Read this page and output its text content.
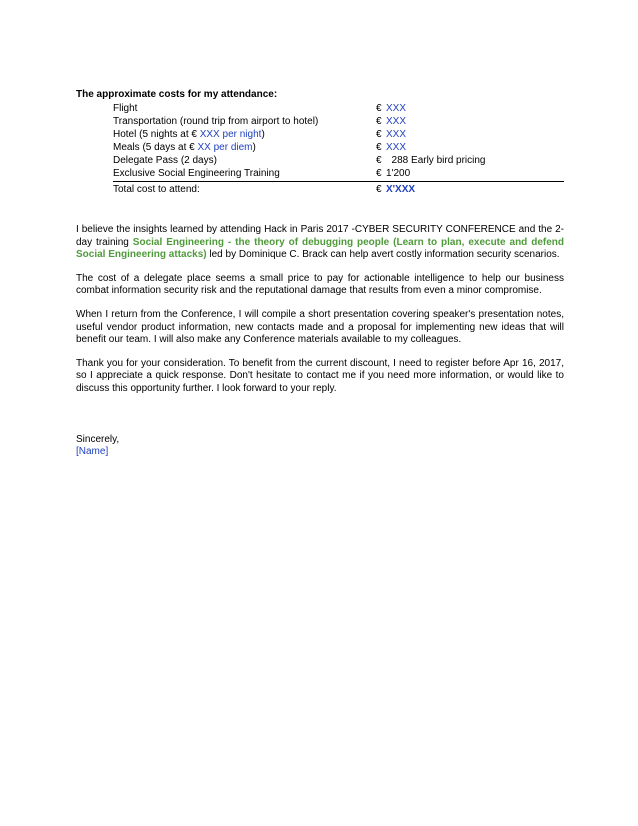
The approximate costs for my attendance:
Flight	€ XXX
Transportation (round trip from airport to hotel)	€ XXX
Hotel (5 nights at € XXX per night)	€ XXX
Meals (5 days at € XX per diem)	€ XXX
Delegate Pass (2 days)	€ 288 Early bird pricing
Exclusive Social Engineering Training	€ 1'200
Total cost to attend:	€ X'XXX

I believe the insights learned by attending Hack in Paris 2017 -CYBER SECURITY CONFERENCE and the 2-day training Social Engineering - the theory of debugging people (Learn to plan, execute and defend Social Engineering attacks) led by Dominique C. Brack can help avert costly information security scenarios.

The cost of a delegate place seems a small price to pay for actionable intelligence to help our business combat information security risk and the reputational damage that results from even a minor compromise.

When I return from the Conference, I will compile a short presentation covering speaker's presentation notes, useful vendor product information, new contacts made and a proposal for implementing new ideas that will benefit our team. I will also make any Conference materials available to my colleagues.

Thank you for your consideration. To benefit from the current discount, I need to register before Apr 16, 2017, so I appreciate a quick response. Don't hesitate to contact me if you need more information, or would like to discuss this opportunity further. I look forward to your reply.

Sincerely,
[Name]
